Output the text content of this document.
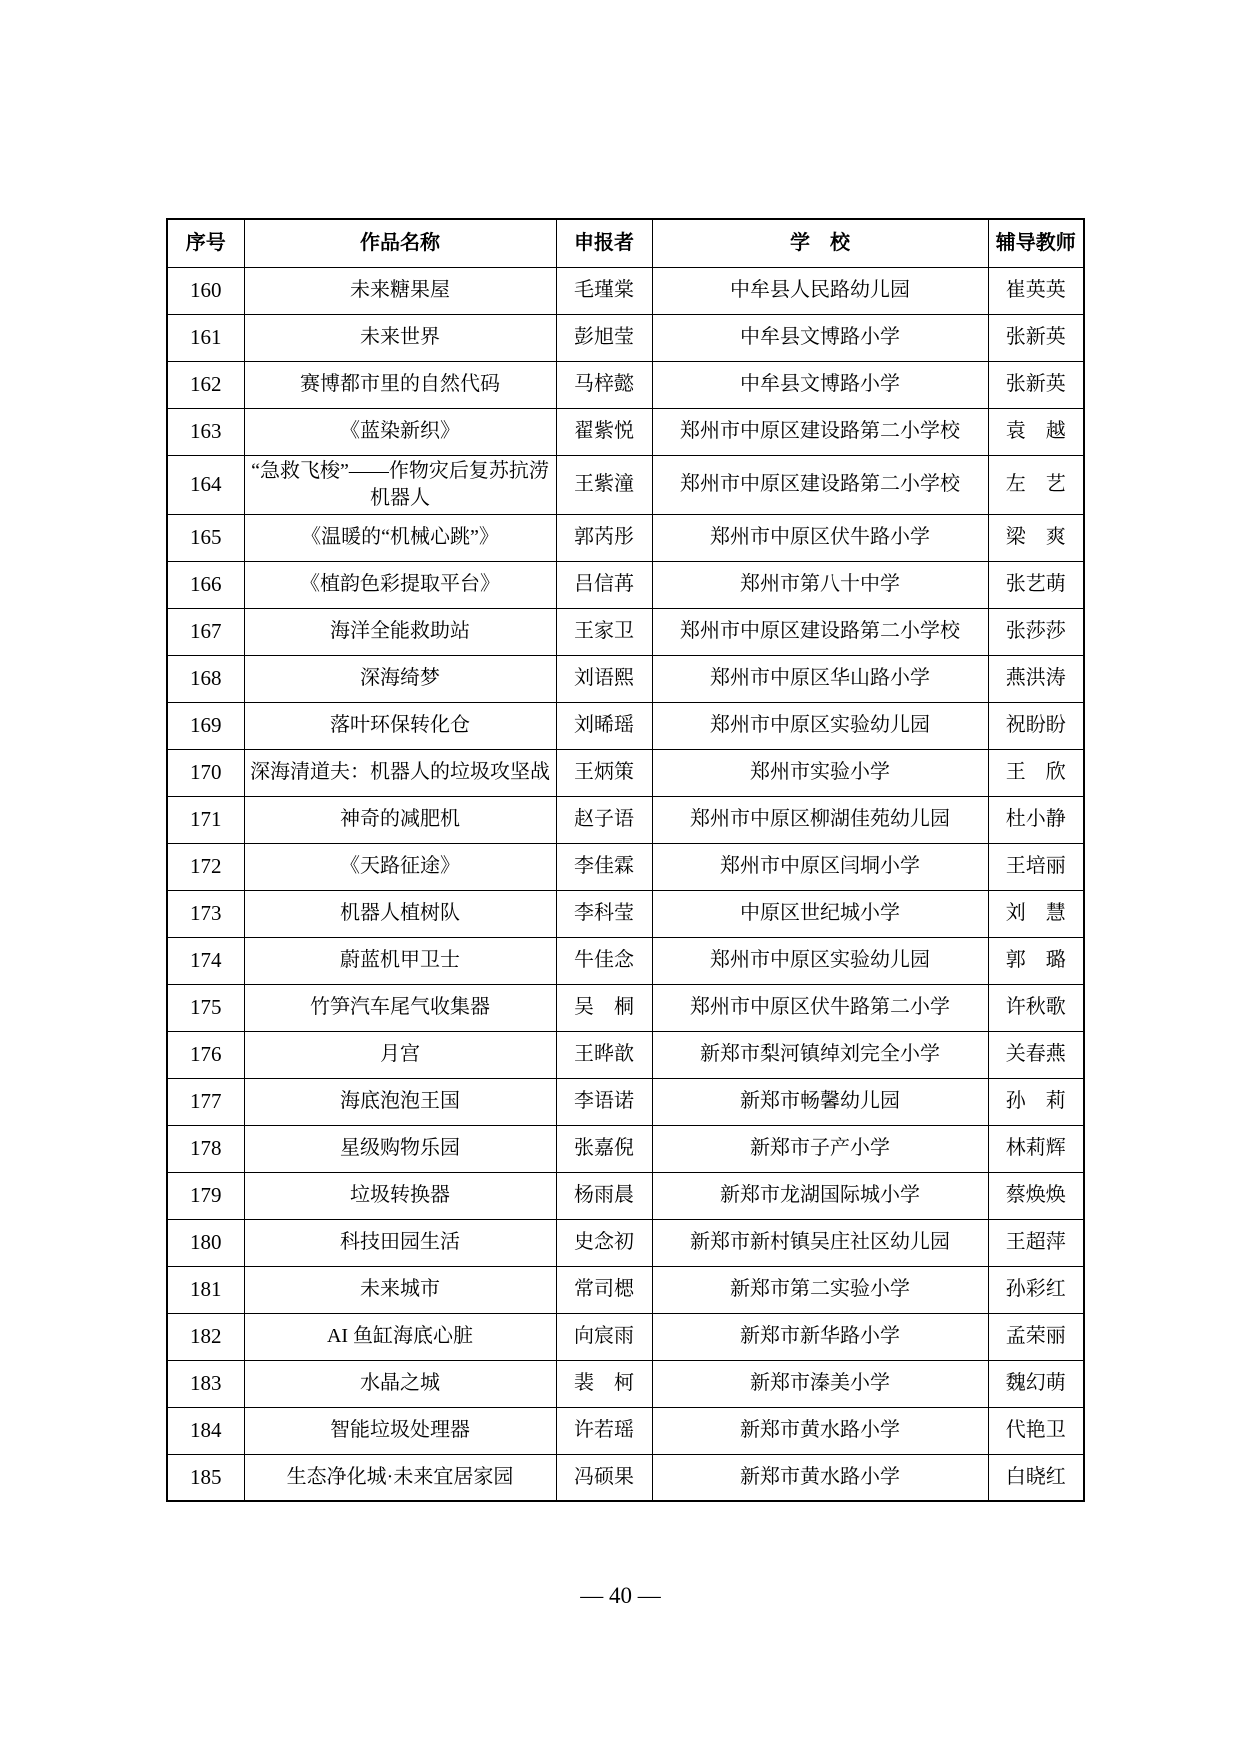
序号	作品名称	申报者	学　校	辅导教师
160	未来糖果屋	毛瑾棠	中牟县人民路幼儿园	崔英英
161	未来世界	彭旭莹	中牟县文博路小学	张新英
162	赛博都市里的自然代码	马梓懿	中牟县文博路小学	张新英
163	《蓝染新织》	翟紫悦	郑州市中原区建设路第二小学校	袁　越
164	“急救飞梭”——作物灾后复苏抗涝机器人	王紫潼	郑州市中原区建设路第二小学校	左　艺
165	《温暖的“机械心跳”》	郭芮彤	郑州市中原区伏牛路小学	梁　爽
166	《植韵色彩提取平台》	吕信苒	郑州市第八十中学	张艺萌
167	海洋全能救助站	王家卫	郑州市中原区建设路第二小学校	张莎莎
168	深海绮梦	刘语熙	郑州市中原区华山路小学	燕洪涛
169	落叶环保转化仓	刘晞瑶	郑州市中原区实验幼儿园	祝盼盼
170	深海清道夫：机器人的垃圾攻坚战	王炳策	郑州市实验小学	王　欣
171	神奇的减肥机	赵子语	郑州市中原区柳湖佳苑幼儿园	杜小静
172	《天路征途》	李佳霖	郑州市中原区闫垌小学	王培丽
173	机器人植树队	李科莹	中原区世纪城小学	刘　慧
174	蔚蓝机甲卫士	牛佳念	郑州市中原区实验幼儿园	郭　璐
175	竹笋汽车尾气收集器	吴　桐	郑州市中原区伏牛路第二小学	许秋歌
176	月宫	王晔歆	新郑市梨河镇绰刘完全小学	关春燕
177	海底泡泡王国	李语诺	新郑市畅馨幼儿园	孙　莉
178	星级购物乐园	张嘉倪	新郑市子产小学	林莉辉
179	垃圾转换器	杨雨晨	新郑市龙湖国际城小学	蔡焕焕
180	科技田园生活	史念初	新郑市新村镇吴庄社区幼儿园	王超萍
181	未来城市	常司楒	新郑市第二实验小学	孙彩红
182	AI 鱼缸海底心脏	向宸雨	新郑市新华路小学	孟荣丽
183	水晶之城	裴　柯	新郑市溱美小学	魏幻萌
184	智能垃圾处理器	许若瑶	新郑市黄水路小学	代艳卫
185	生态净化城·未来宜居家园	冯硕果	新郑市黄水路小学	白晓红
— 40 —
